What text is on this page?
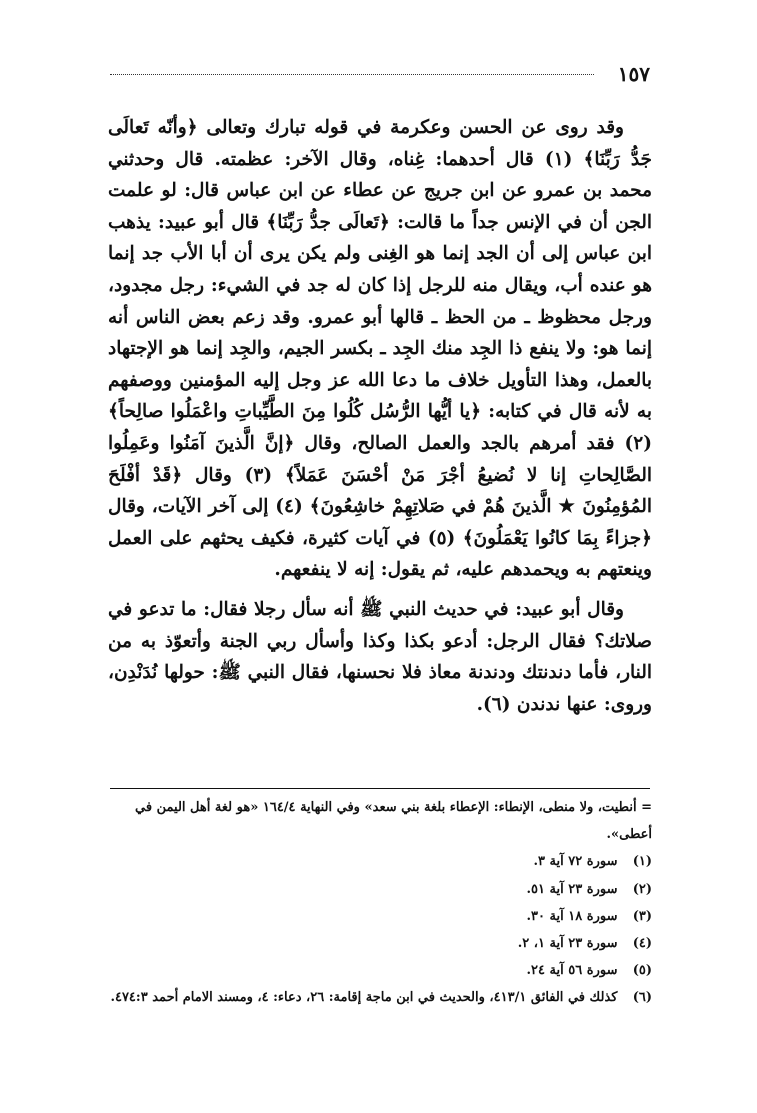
١٥٧

وقد روى عن الحسن وعكرمة في قوله تبارك وتعالى ﴿وأنّه تَعالَى جَدُّ رَبِّنَا﴾ (١) قال أحدهما: غِناه، وقال الآخر: عظمته. قال وحدثني محمد بن عمرو عن ابن جريج عن عطاء عن ابن عباس قال: لو علمت الجن أن في الإنس جداً ما قالت: ﴿تَعالَى جدُّ رَبِّنَا﴾ قال أبو عبيد: يذهب ابن عباس إلى أن الجد إنما هو الغِنى ولم يكن يرى أن أبا الأب جد إنما هو عنده أب، ويقال منه للرجل إذا كان له جد في الشيء: رجل مجدود، ورجل محظوظ ـ من الحظ ـ قالها أبو عمرو. وقد زعم بعض الناس أنه إنما هو: ولا ينفع ذا الجِد منك الجِد ـ بكسر الجيم، والجِد إنما هو الإجتهاد بالعمل، وهذا التأويل خلاف ما دعا الله عز وجل إليه المؤمنين ووصفهم به لأنه قال في كتابه: ﴿يا أيُّها الرُّسُل كُلُوا مِنَ الطَّيِّباتِ واعْمَلُوا صالِحاً﴾ (٢) فقد أمرهم بالجد والعمل الصالح، وقال ﴿إنَّ الَّذينَ آمَنُوا وعَمِلُوا الصَّالِحاتِ إنا لا نُضيعُ أجْرَ مَنْ أحْسَنَ عَمَلاً﴾ (٣) وقال ﴿قَدْ أفْلَحَ المُؤمِنُونَ ★ الَّذينَ هُمْ في صَلاتِهِمْ خاشِعُونَ﴾ (٤) إلى آخر الآيات، وقال ﴿جزاءً بِمَا كانُوا يَعْمَلُونَ﴾ (٥) في آيات كثيرة، فكيف يحثهم على العمل وينعتهم به ويحمدهم عليه، ثم يقول: إنه لا ينفعهم.

وقال أبو عبيد: في حديث النبي ﷺ أنه سأل رجلا فقال: ما تدعو في صلاتك؟ فقال الرجل: أدعو بكذا وكذا وأسأل ربي الجنة وأتعوّذ به من النار، فأما دندنتك ودندنة معاذ فلا نحسنها، فقال النبي ﷺ: حولها نُدَنْدِن، وروى: عنها ندندن (٦).

= أنطيت، ولا منطى، الإنطاء: الإعطاء بلغة بني سعد» وفي النهاية ١٦٤/٤ «هو لغة أهل اليمن في أعطى».
(١) سورة ٧٢ آية ٣.
(٢) سورة ٢٣ آية ٥١.
(٣) سورة ١٨ آية ٣٠.
(٤) سورة ٢٣ آية ١، ٢.
(٥) سورة ٥٦ آية ٢٤.
(٦) كذلك في الفائق ٤١٣/١، والحديث في ابن ماجة إقامة: ٢٦، دعاء: ٤، ومسند الامام أحمد ٤٧٤:٣.
